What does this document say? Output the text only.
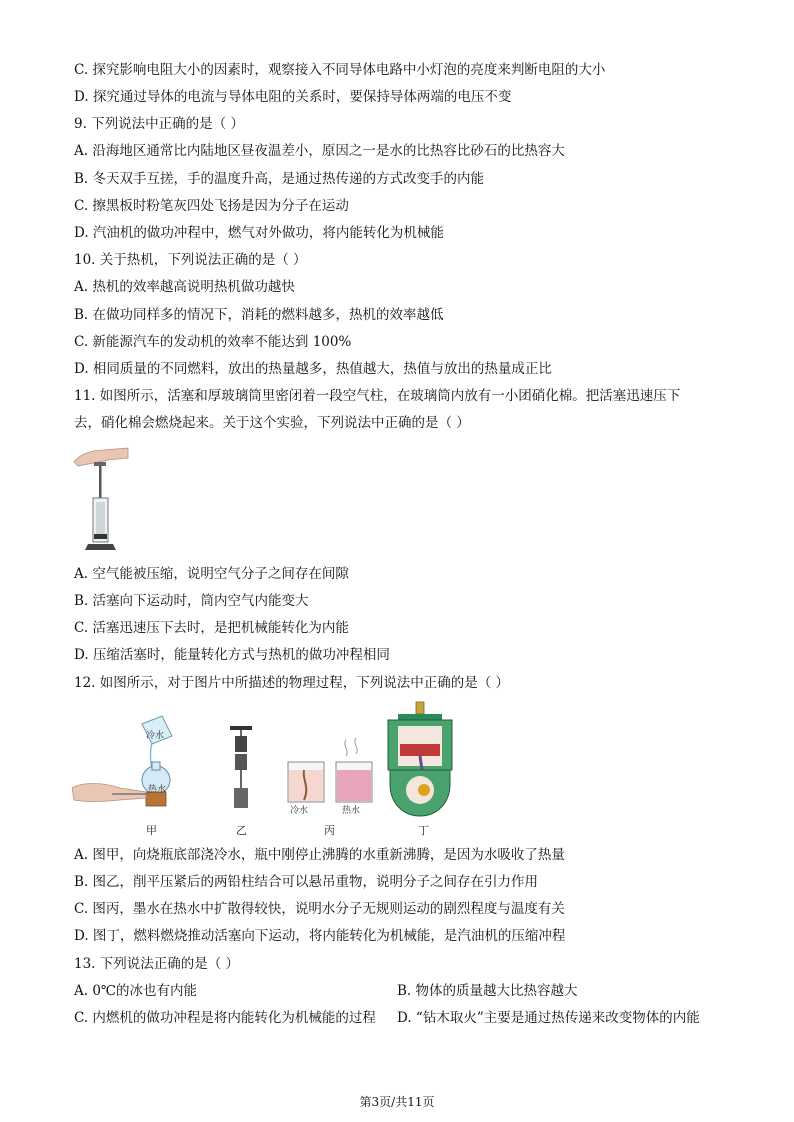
C. 探究影响电阻大小的因素时，观察接入不同导体电路中小灯泡的亮度来判断电阻的大小
D. 探究通过导体的电流与导体电阻的关系时，要保持导体两端的电压不变
9. 下列说法中正确的是（ ）
A. 沿海地区通常比内陆地区昼夜温差小，原因之一是水的比热容比砂石的比热容大
B. 冬天双手互搓，手的温度升高，是通过热传递的方式改变手的内能
C. 擦黑板时粉笔灰四处飞扬是因为分子在运动
D. 汽油机的做功冲程中，燃气对外做功，将内能转化为机械能
10. 关于热机，下列说法正确的是（ ）
A. 热机的效率越高说明热机做功越快
B. 在做功同样多的情况下，消耗的燃料越多，热机的效率越低
C. 新能源汽车的发动机的效率不能达到 100%
D. 相同质量的不同燃料，放出的热量越多，热值越大，热值与放出的热量成正比
11. 如图所示，活塞和厚玻璃筒里密闭着一段空气柱，在玻璃筒内放有一小团硝化棉。把活塞迅速压下
去，硝化棉会燃烧起来。关于这个实验，下列说法中正确的是（ ）
A. 空气能被压缩，说明空气分子之间存在间隙
B. 活塞向下运动时，筒内空气内能变大
C. 活塞迅速压下去时，是把机械能转化为内能
D. 压缩活塞时，能量转化方式与热机的做功冲程相同
12. 如图所示，对于图片中所描述的物理过程，下列说法中正确的是（ ）
冷水
热水
甲	乙
冷水	热水
丙	丁
A. 图甲，向烧瓶底部浇冷水，瓶中刚停止沸腾的水重新沸腾，是因为水吸收了热量
B. 图乙，削平压紧后的两铅柱结合可以悬吊重物，说明分子之间存在引力作用
C. 图丙，墨水在热水中扩散得较快，说明水分子无规则运动的剧烈程度与温度有关
D. 图丁，燃料燃烧推动活塞向下运动，将内能转化为机械能，是汽油机的压缩冲程
13. 下列说法正确的是（ ）
A. 0℃的冰也有内能	B. 物体的质量越大比热容越大
C. 内燃机的做功冲程是将内能转化为机械能的过程 D. “钻木取火”主要是通过热传递来改变物体的内能
第3页/共11页
